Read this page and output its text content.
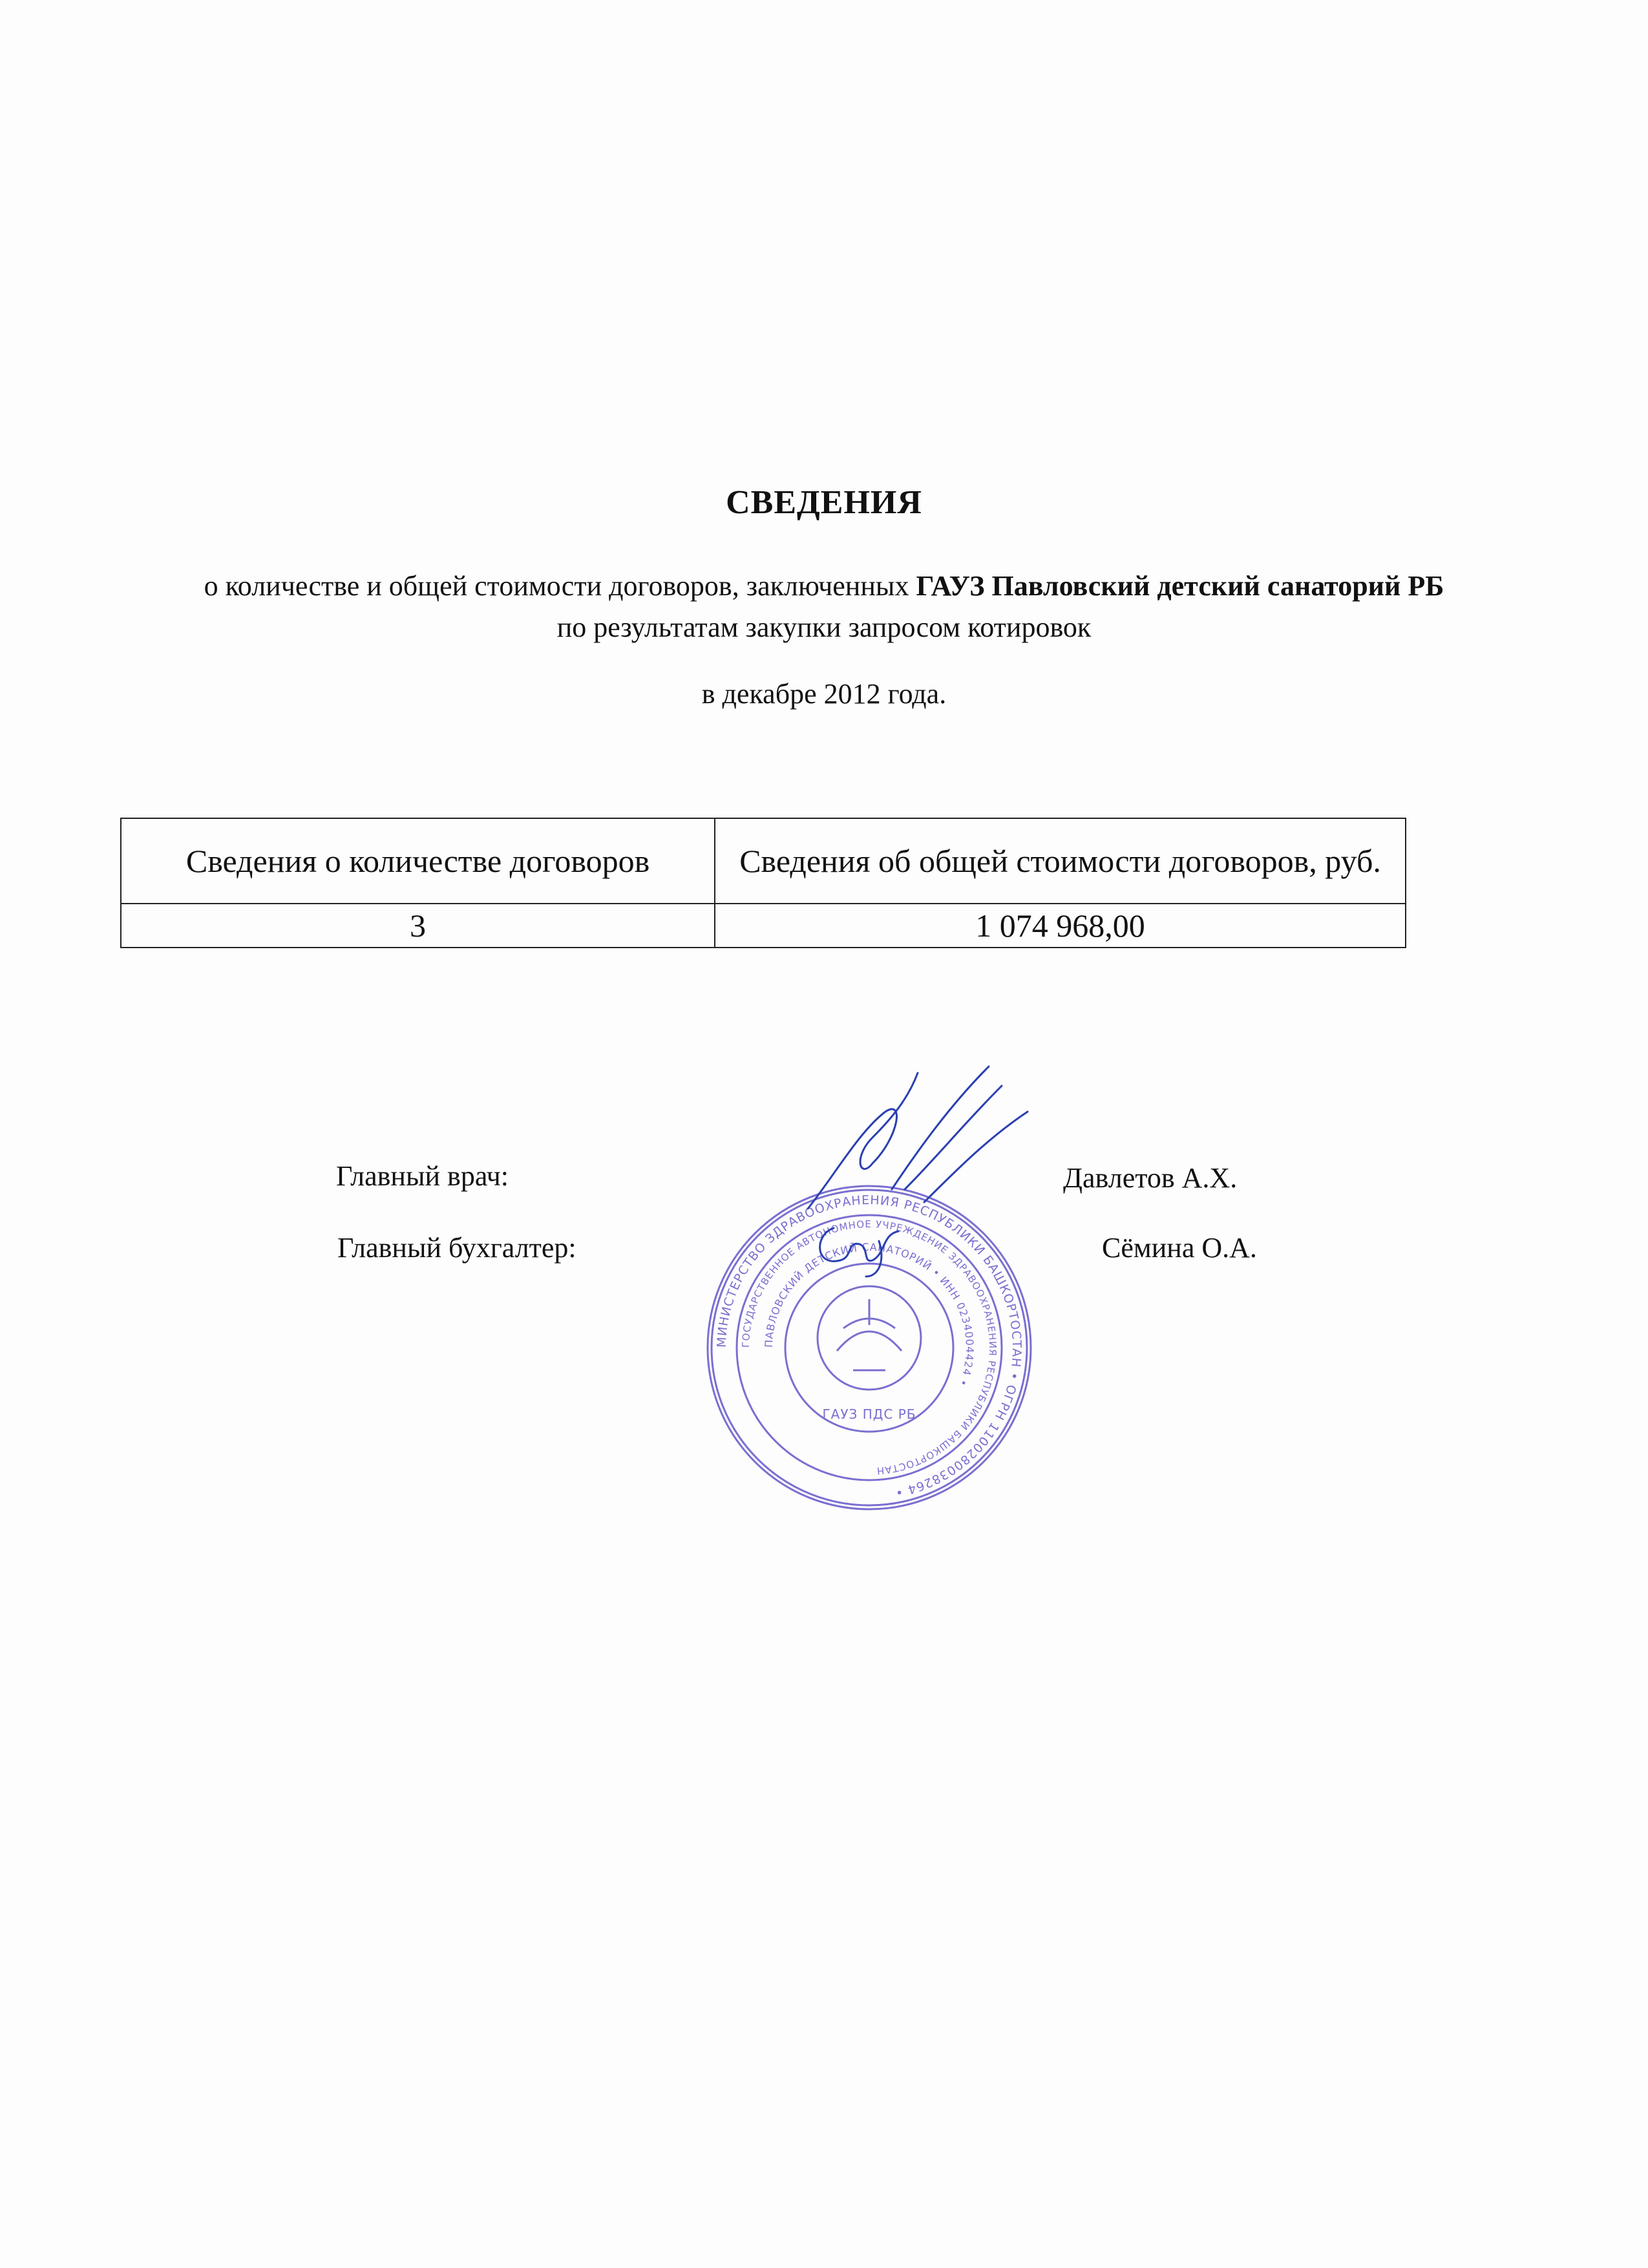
СВЕДЕНИЯ
о количестве и общей стоимости договоров, заключенных ГАУЗ Павловский детский санаторий РБ по результатам закупки запросом котировок
в декабре 2012 года.
Сведения о количестве договоров	Сведения об общей стоимости договоров, руб.
3	1 074 968,00
Главный врач:	Давлетов А.Х.
Главный бухгалтер:	Сёмина О.А.
МИНИСТЕРСТВО ЗДРАВООХРАНЕНИЯ РЕСПУБЛИКИ БАШКОРТОСТАН • ОГРН 1100280038264 •
ГОСУДАРСТВЕННОЕ АВТОНОМНОЕ УЧРЕЖДЕНИЕ ЗДРАВООХРАНЕНИЯ РЕСПУБЛИКИ БАШКОРТОСТАН
ПАВЛОВСКИЙ ДЕТСКИЙ САНАТОРИЙ • ИНН 0234004424 •
ГАУЗ ПДС РБ
